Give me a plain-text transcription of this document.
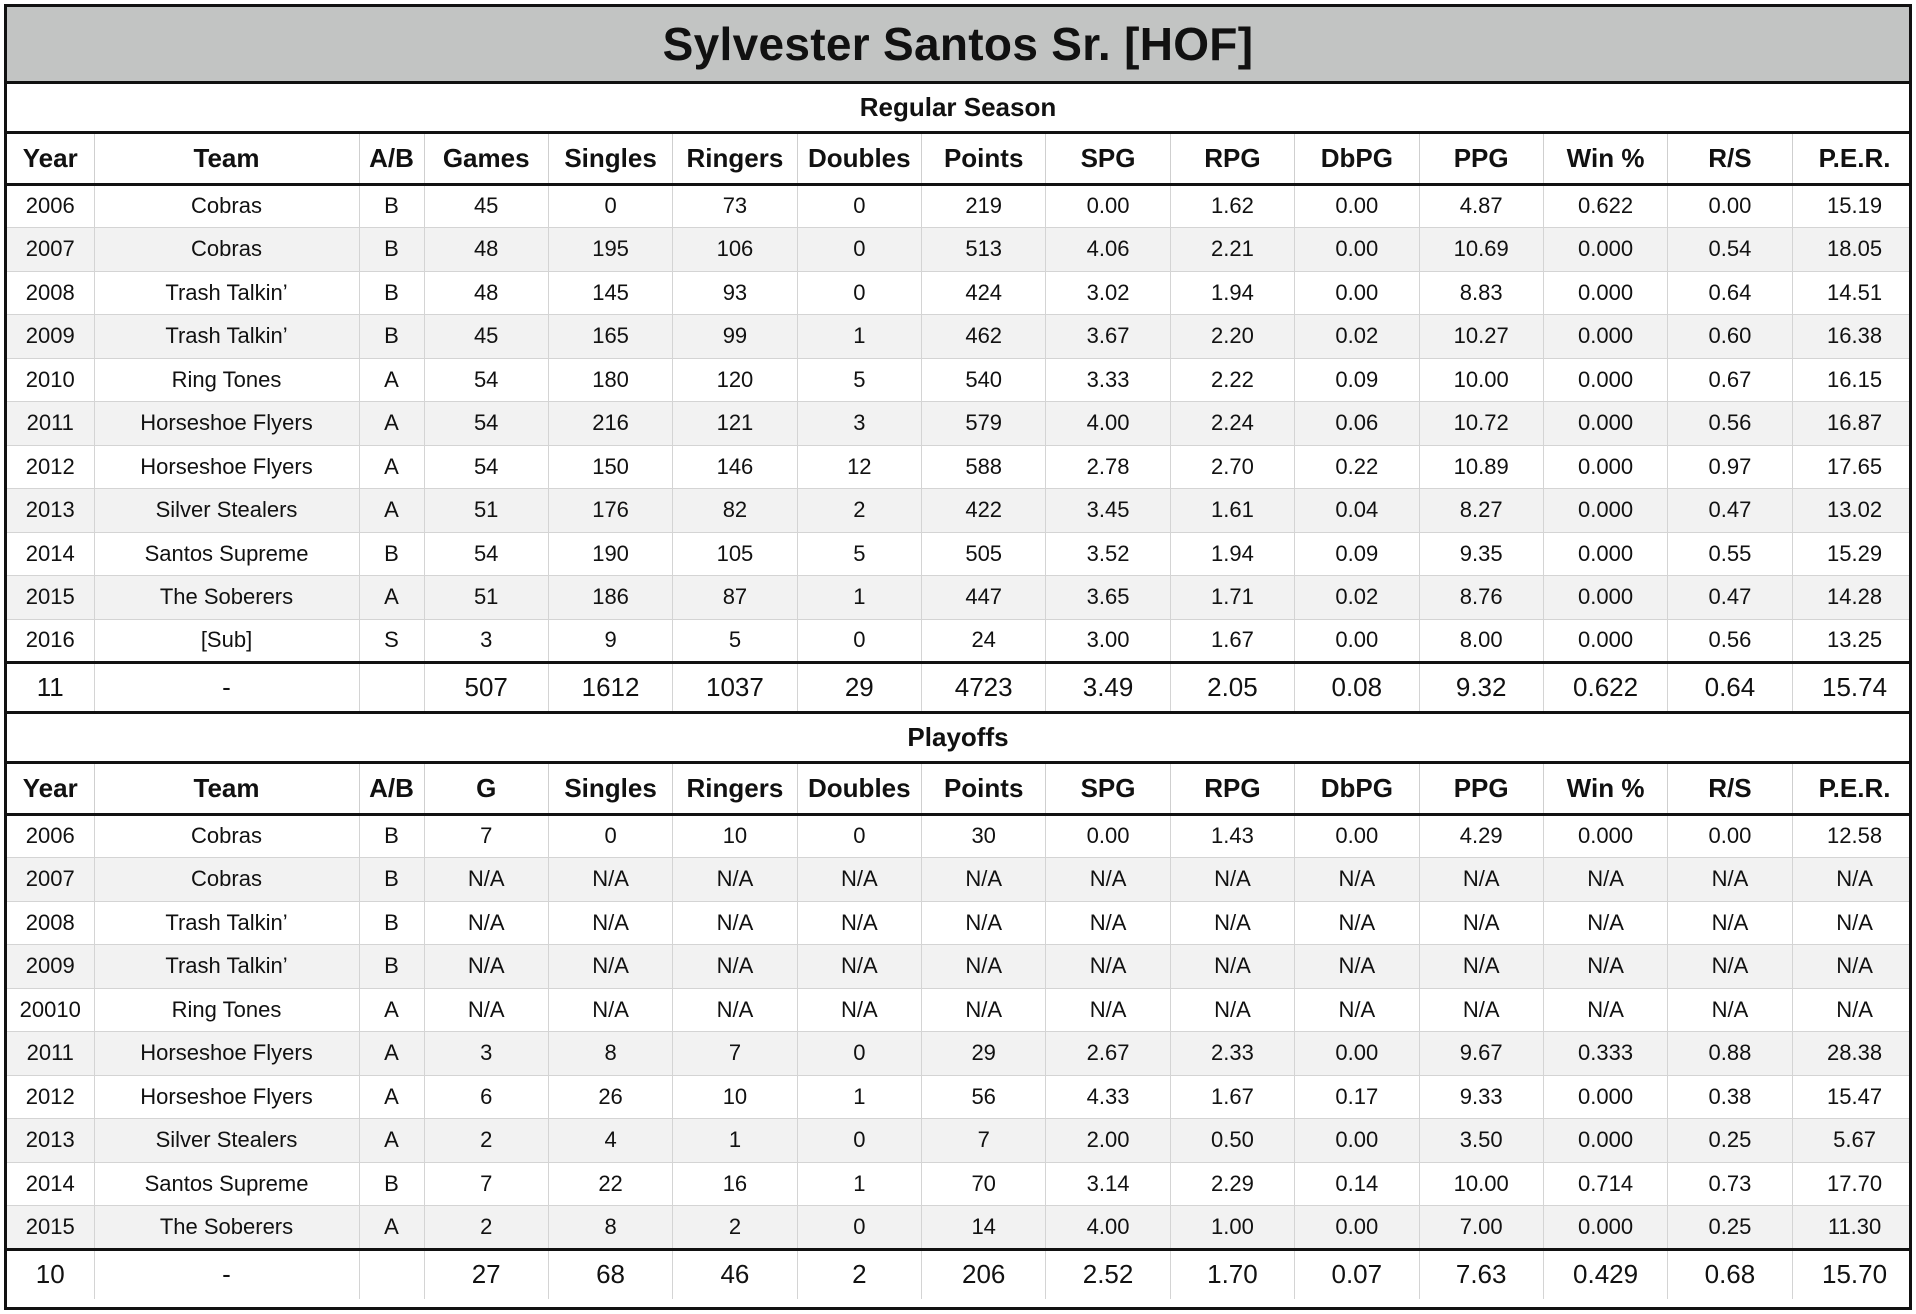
Sylvester Santos Sr. [HOF]
Regular Season
Year	Team	A/B	Games	Singles	Ringers	Doubles	Points	SPG	RPG	DbPG	PPG	Win %	R/S	P.E.R.
2006	Cobras	B	45	0	73	0	219	0.00	1.62	0.00	4.87	0.622	0.00	15.19
2007	Cobras	B	48	195	106	0	513	4.06	2.21	0.00	10.69	0.000	0.54	18.05
2008	Trash Talkin’	B	48	145	93	0	424	3.02	1.94	0.00	8.83	0.000	0.64	14.51
2009	Trash Talkin’	B	45	165	99	1	462	3.67	2.20	0.02	10.27	0.000	0.60	16.38
2010	Ring Tones	A	54	180	120	5	540	3.33	2.22	0.09	10.00	0.000	0.67	16.15
2011	Horseshoe Flyers	A	54	216	121	3	579	4.00	2.24	0.06	10.72	0.000	0.56	16.87
2012	Horseshoe Flyers	A	54	150	146	12	588	2.78	2.70	0.22	10.89	0.000	0.97	17.65
2013	Silver Stealers	A	51	176	82	2	422	3.45	1.61	0.04	8.27	0.000	0.47	13.02
2014	Santos Supreme	B	54	190	105	5	505	3.52	1.94	0.09	9.35	0.000	0.55	15.29
2015	The Soberers	A	51	186	87	1	447	3.65	1.71	0.02	8.76	0.000	0.47	14.28
2016	[Sub]	S	3	9	5	0	24	3.00	1.67	0.00	8.00	0.000	0.56	13.25
11	-		507	1612	1037	29	4723	3.49	2.05	0.08	9.32	0.622	0.64	15.74
Playoffs
Year	Team	A/B	G	Singles	Ringers	Doubles	Points	SPG	RPG	DbPG	PPG	Win %	R/S	P.E.R.
2006	Cobras	B	7	0	10	0	30	0.00	1.43	0.00	4.29	0.000	0.00	12.58
2007	Cobras	B	N/A	N/A	N/A	N/A	N/A	N/A	N/A	N/A	N/A	N/A	N/A	N/A
2008	Trash Talkin’	B	N/A	N/A	N/A	N/A	N/A	N/A	N/A	N/A	N/A	N/A	N/A	N/A
2009	Trash Talkin’	B	N/A	N/A	N/A	N/A	N/A	N/A	N/A	N/A	N/A	N/A	N/A	N/A
20010	Ring Tones	A	N/A	N/A	N/A	N/A	N/A	N/A	N/A	N/A	N/A	N/A	N/A	N/A
2011	Horseshoe Flyers	A	3	8	7	0	29	2.67	2.33	0.00	9.67	0.333	0.88	28.38
2012	Horseshoe Flyers	A	6	26	10	1	56	4.33	1.67	0.17	9.33	0.000	0.38	15.47
2013	Silver Stealers	A	2	4	1	0	7	2.00	0.50	0.00	3.50	0.000	0.25	5.67
2014	Santos Supreme	B	7	22	16	1	70	3.14	2.29	0.14	10.00	0.714	0.73	17.70
2015	The Soberers	A	2	8	2	0	14	4.00	1.00	0.00	7.00	0.000	0.25	11.30
10	-		27	68	46	2	206	2.52	1.70	0.07	7.63	0.429	0.68	15.70
